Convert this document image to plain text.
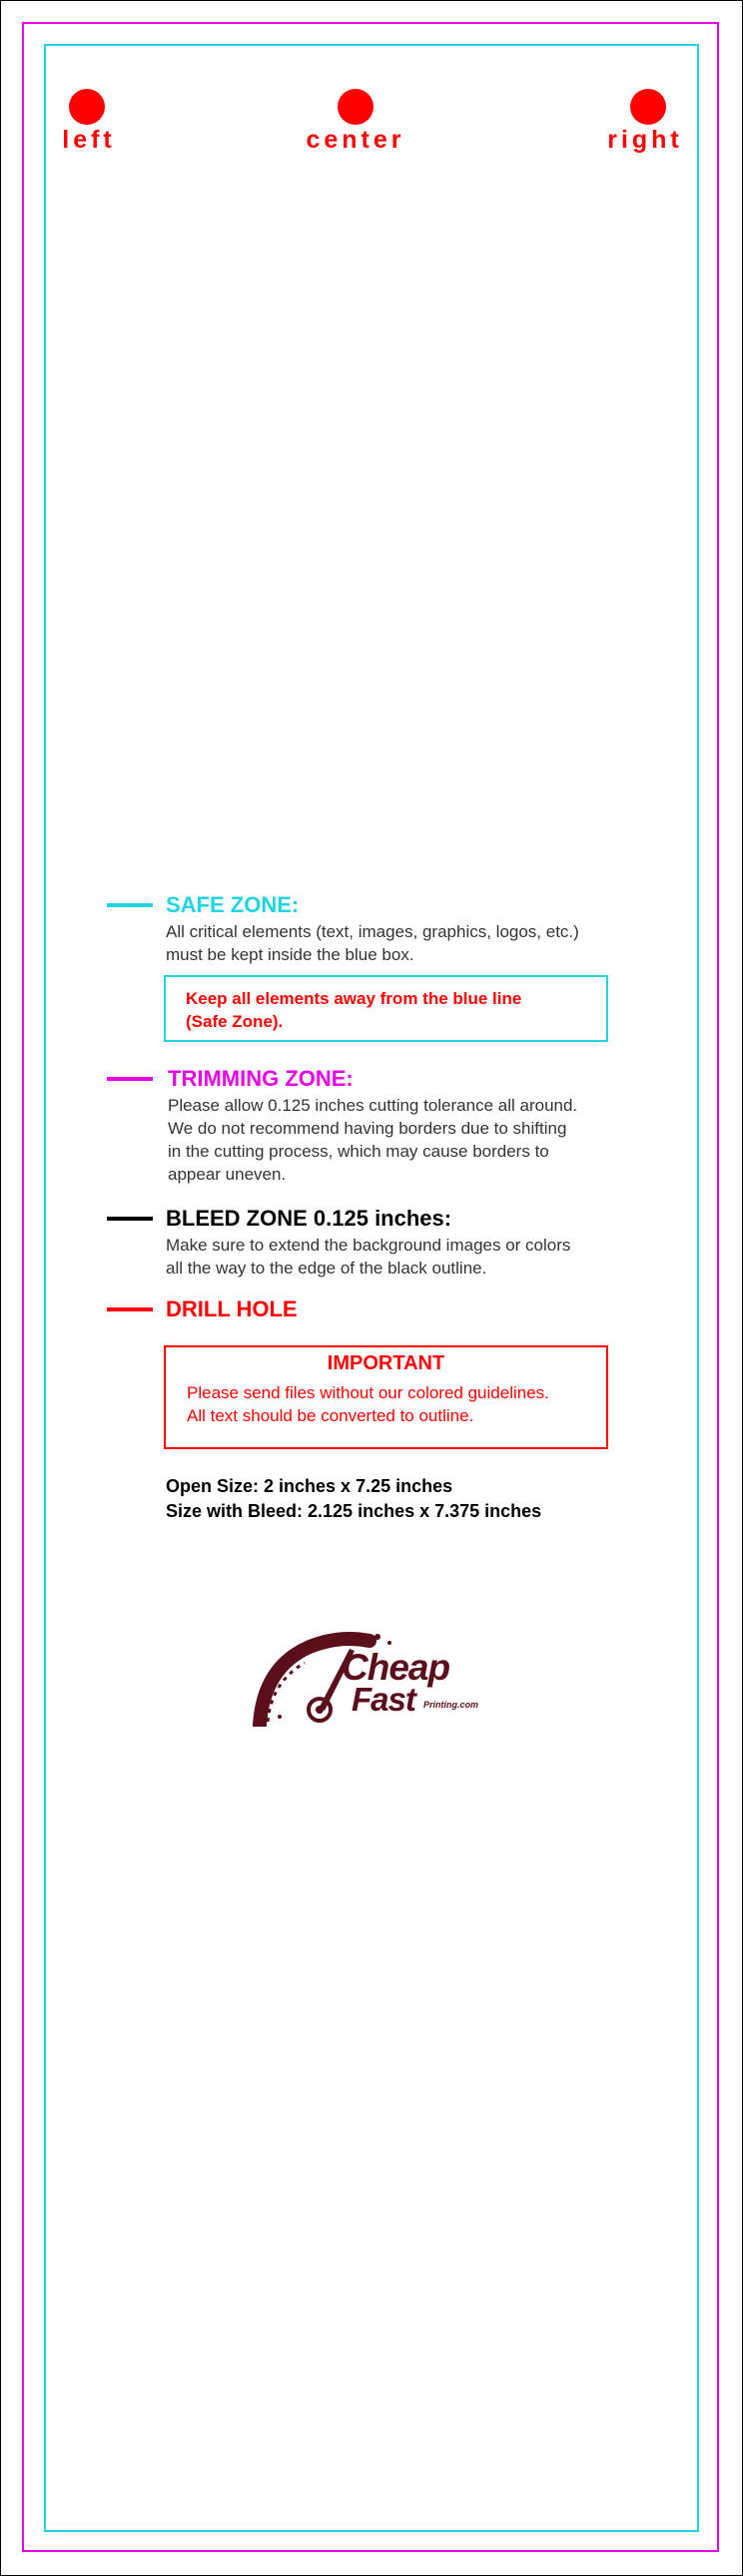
left	center	right
SAFE ZONE:
All critical elements (text, images, graphics, logos, etc.)
must be kept inside the blue box.
Keep all elements away from the blue line
(Safe Zone).
TRIMMING ZONE:
Please allow 0.125 inches cutting tolerance all around.
We do not recommend having borders due to shifting
in the cutting process, which may cause borders to
appear uneven.
BLEED ZONE 0.125 inches:
Make sure to extend the background images or colors
all the way to the edge of the black outline.
DRILL HOLE
IMPORTANT
Please send files without our colored guidelines.
All text should be converted to outline.
Open Size: 2 inches x 7.25 inches
Size with Bleed: 2.125 inches x 7.375 inches
Cheap
Fast Printing.com
